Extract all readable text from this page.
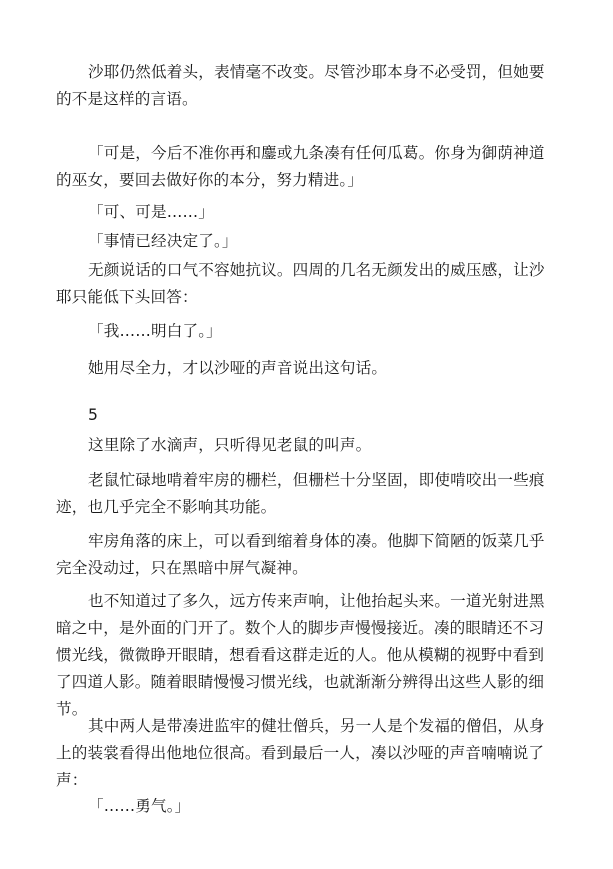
沙耶仍然低着头，表情毫不改变。尽管沙耶本身不必受罚，但她要的不是这样的言语。

「可是，今后不准你再和鏖或九条凑有任何瓜葛。你身为御荫神道的巫女，要回去做好你的本分，努力精进。」

「可、可是……」

「事情已经决定了。」

无颜说话的口气不容她抗议。四周的几名无颜发出的威压感，让沙耶只能低下头回答：

「我……明白了。」

她用尽全力，才以沙哑的声音说出这句话。

5

这里除了水滴声，只听得见老鼠的叫声。

老鼠忙碌地啃着牢房的栅栏，但栅栏十分坚固，即使啃咬出一些痕迹，也几乎完全不影响其功能。

牢房角落的床上，可以看到缩着身体的凑。他脚下简陋的饭菜几乎完全没动过，只在黑暗中屏气凝神。

也不知道过了多久，远方传来声响，让他抬起头来。一道光射进黑暗之中，是外面的门开了。数个人的脚步声慢慢接近。凑的眼睛还不习惯光线，微微睁开眼睛，想看看这群走近的人。他从模糊的视野中看到了四道人影。随着眼睛慢慢习惯光线，也就渐渐分辨得出这些人影的细节。

其中两人是带凑进监牢的健壮僧兵，另一人是个发福的僧侣，从身上的装裳看得出他地位很高。看到最后一人，凑以沙哑的声音喃喃说了声：

「……勇气。」
